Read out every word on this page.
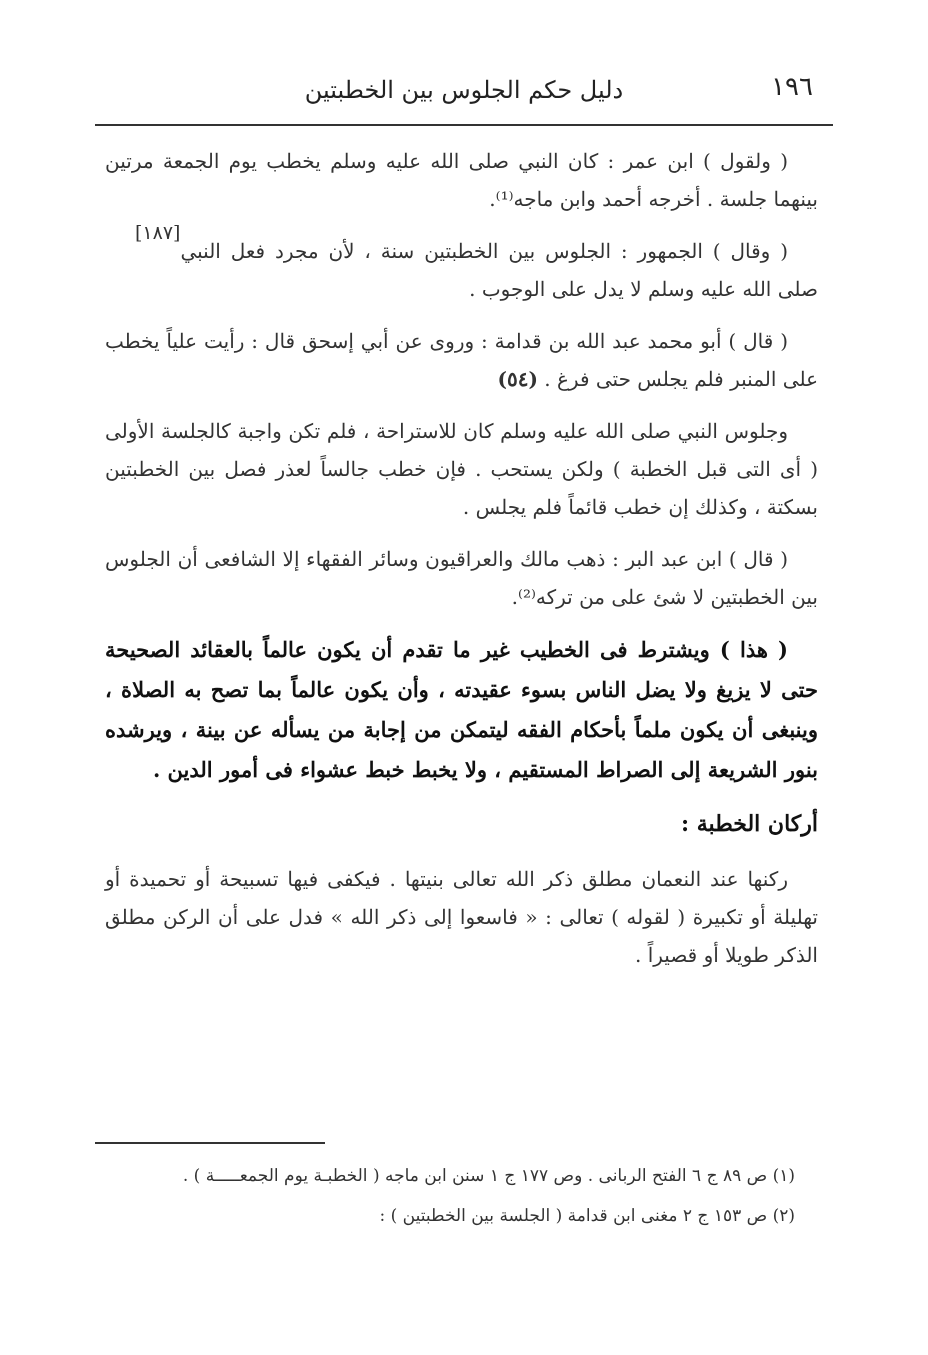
١٩٦
دليل حكم الجلوس بين الخطبتين

( ولقول ) ابن عمر : كان النبي صلى الله عليه وسلم يخطب يوم الجمعة مرتين بينهما جلسة . أخرجه أحمد وابن ماجه⁽¹⁾.
[١٨٧]

( وقال ) الجمهور : الجلوس بين الخطبتين سنة ، لأن مجرد فعل النبي صلى الله عليه وسلم لا يدل على الوجوب .

( قال ) أبو محمد عبد الله بن قدامة : وروى عن أبي إسحق قال : رأيت علياً يخطب على المنبر فلم يجلس حتى فرغ . (٥٤)

وجلوس النبي صلى الله عليه وسلم كان للاستراحة ، فلم تكن واجبة كالجلسة الأولى ( أى التى قبل الخطبة ) ولكن يستحب . فإن خطب جالساً لعذر فصل بين الخطبتين بسكتة ، وكذلك إن خطب قائماً فلم يجلس .

( قال ) ابن عبد البر : ذهب مالك والعراقيون وسائر الفقهاء إلا الشافعى أن الجلوس بين الخطبتين لا شئ على من تركه⁽²⁾.

( هذا ) ويشترط فى الخطيب غير ما تقدم أن يكون عالماً بالعقائد الصحيحة حتى لا يزيغ ولا يضل الناس بسوء عقيدته ، وأن يكون عالماً بما تصح به الصلاة ، وينبغى أن يكون ملماً بأحكام الفقه ليتمكن من إجابة من يسأله عن بينة ، ويرشده بنور الشريعة إلى الصراط المستقيم ، ولا يخبط خبط عشواء فى أمور الدين .

أركان الخطبة :

ركنها عند النعمان مطلق ذكر الله تعالى بنيتها . فيكفى فيها تسبيحة أو تحميدة أو تهليلة أو تكبيرة ( لقوله ) تعالى : « فاسعوا إلى ذكر الله » فدل على أن الركن مطلق الذكر طويلا أو قصيراً .

(١) ص ٨٩ ج ٦ الفتح الربانى . وص ١٧٧ ج ١ سنن ابن ماجه ( الخطبـة يوم الجمعـــــة ) .

(٢) ص ١٥٣ ج ٢ مغنى ابن قدامة ( الجلسة بين الخطبتين ) :
